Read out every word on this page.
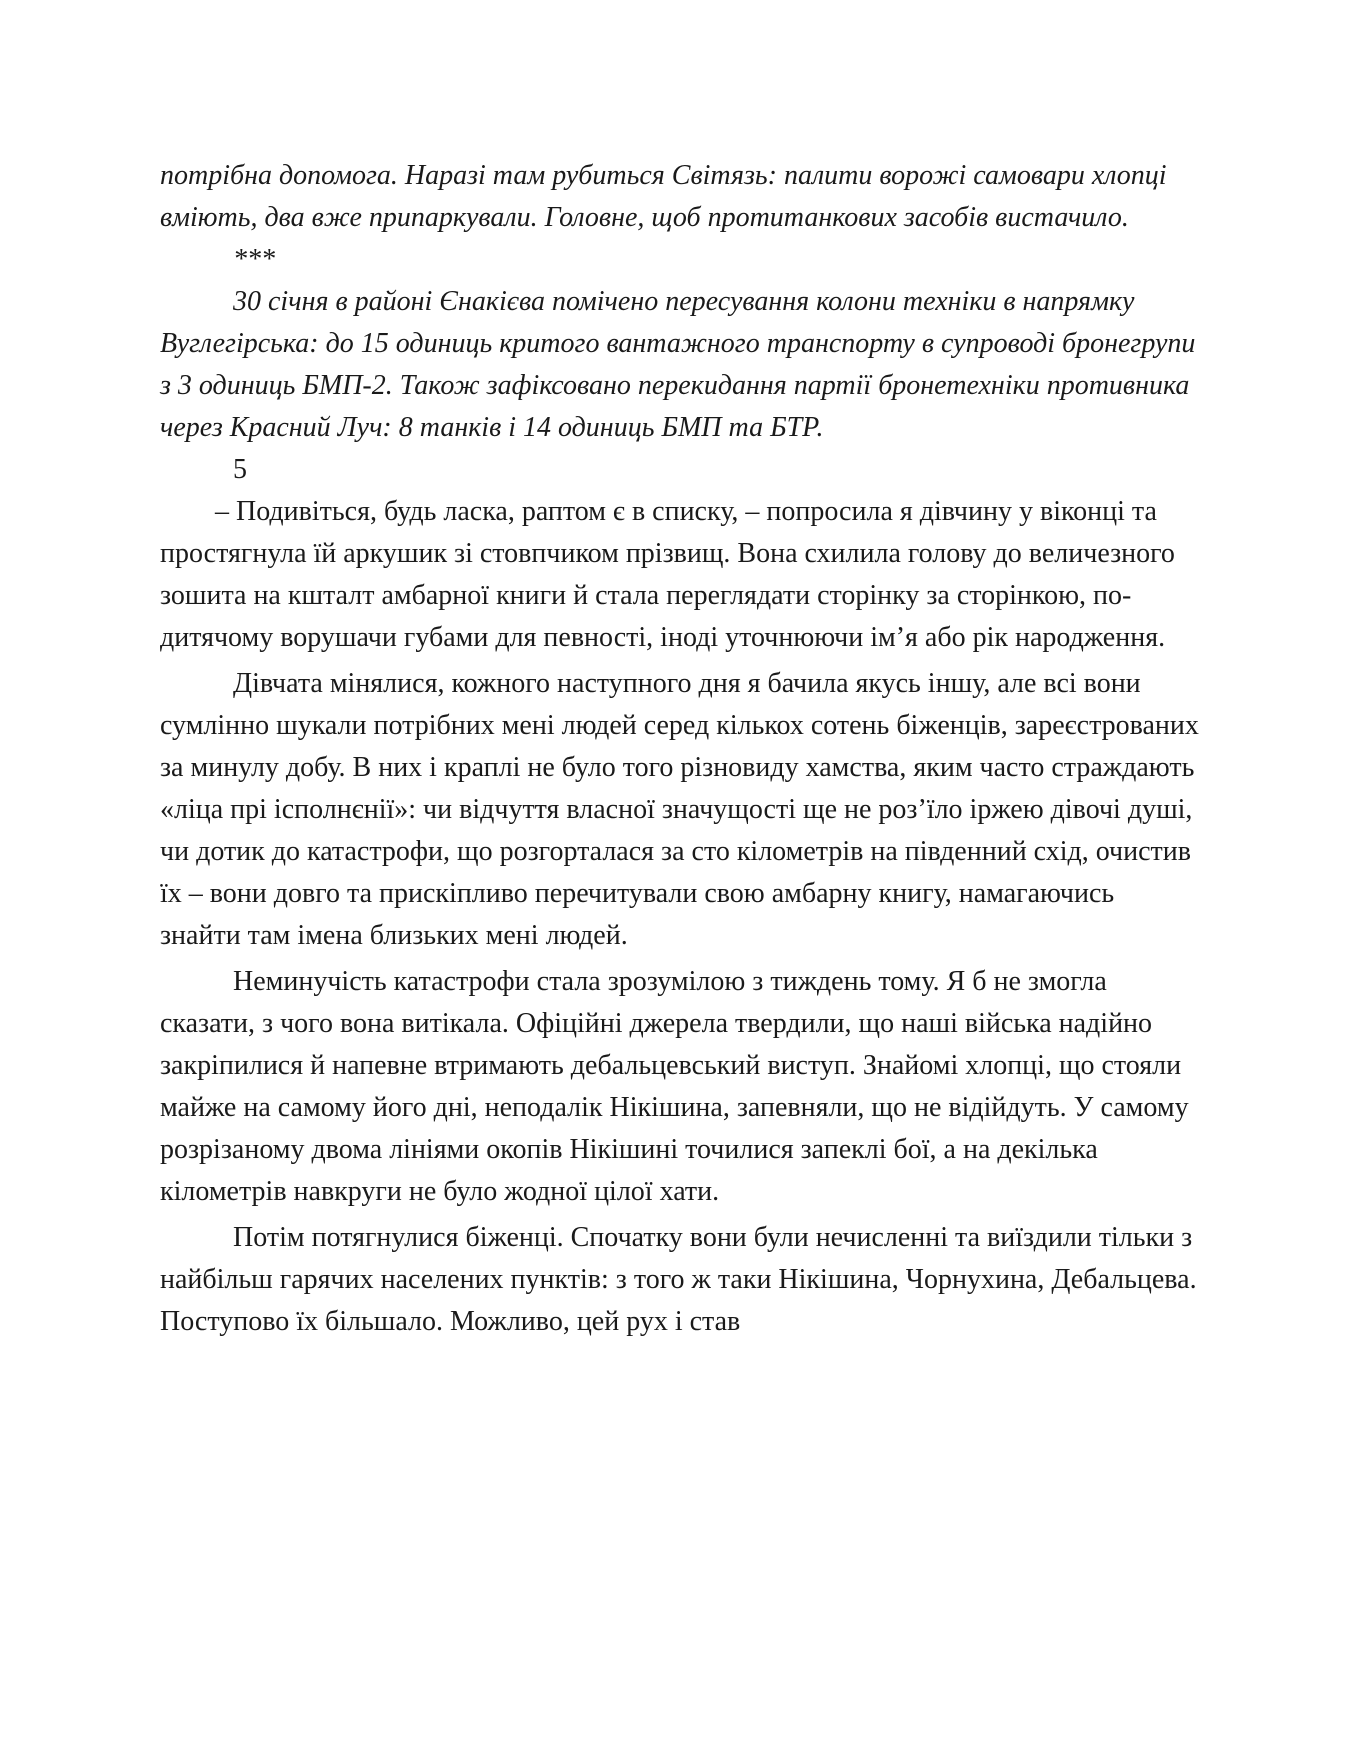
потрібна допомога. Наразі там рубиться Світязь: палити ворожі самовари хлопці вміють, два вже припаркували. Головне, щоб протитанкових засобів вистачило.

***

30 січня в районі Єнакієва помічено пересування колони техніки в напрямку Вуглегірська: до 15 одиниць критого вантажного транспорту в супроводі бронегрупи з 3 одиниць БМП-2. Також зафіксовано перекидання партії бронетехніки противника через Красний Луч: 8 танків і 14 одиниць БМП та БТР.

5

– Подивіться, будь ласка, раптом є в списку, – попросила я дівчину у віконці та простягнула їй аркушик зі стовпчиком прізвищ. Вона схилила голову до величезного зошита на кшталт амбарної книги й стала переглядати сторінку за сторінкою, по-дитячому ворушачи губами для певності, іноді уточнюючи ім’я або рік народження.

Дівчата мінялися, кожного наступного дня я бачила якусь іншу, але всі вони сумлінно шукали потрібних мені людей серед кількох сотень біженців, зареєстрованих за минулу добу. В них і краплі не було того різновиду хамства, яким часто страждають «ліца прі ісполнєнії»: чи відчуття власної значущості ще не роз’їло іржею дівочі душі, чи дотик до катастрофи, що розгорталася за сто кілометрів на південний схід, очистив їх – вони довго та прискіпливо перечитували свою амбарну книгу, намагаючись знайти там імена близьких мені людей.

Неминучість катастрофи стала зрозумілою з тиждень тому. Я б не змогла сказати, з чого вона витікала. Офіційні джерела твердили, що наші війська надійно закріпилися й напевне втримають дебальцевський виступ. Знайомі хлопці, що стояли майже на самому його дні, неподалік Нікішина, запевняли, що не відійдуть. У самому розрізаному двома лініями окопів Нікішині точилися запеклі бої, а на декілька кілометрів навкруги не було жодної цілої хати.

Потім потягнулися біженці. Спочатку вони були нечисленні та виїздили тільки з найбільш гарячих населених пунктів: з того ж таки Нікішина, Чорнухина, Дебальцева. Поступово їх більшало. Можливо, цей рух і став
